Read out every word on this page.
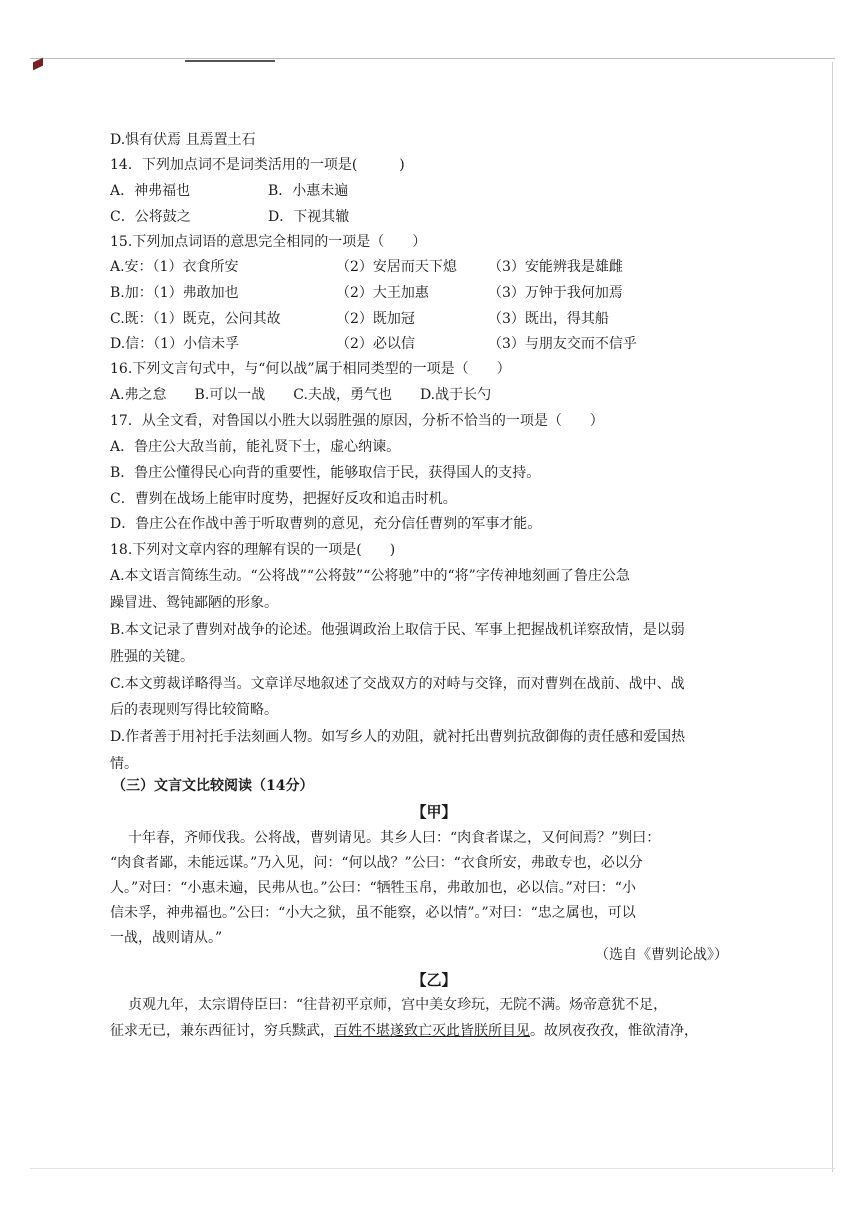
D.惧有伏焉 且焉置土石
14．下列加点词不是词类活用的一项是(　　　)
A．神弗福也	B．小惠未遍
C．公将鼓之	D．下视其辙
15.下列加点词语的意思完全相同的一项是（　　）
A.安：（1）衣食所安	（2）安居而天下熄 （3）安能辨我是雄雌
B.加：（1）弗敢加也	（2）大王加惠	（3）万钟于我何加焉
C.既：（1）既克，公问其故	（2）既加冠	（3）既出，得其船
D.信：（1）小信未孚	（2）必以信	（3）与朋友交而不信乎
16.下列文言句式中，与“何以战”属于相同类型的一项是（　　）
A.弗之怠　　B.可以一战　　C.夫战，勇气也　　D.战于长勺
17．从全文看，对鲁国以小胜大以弱胜强的原因，分析不恰当的一项是（　　）
A．鲁庄公大敌当前，能礼贤下士，虚心纳谏。
B．鲁庄公懂得民心向背的重要性，能够取信于民，获得国人的支持。
C．曹刿在战场上能审时度势，把握好反攻和追击时机。
D．鲁庄公在作战中善于听取曹刿的意见，充分信任曹刿的军事才能。
18.下列对文章内容的理解有误的一项是(　　)
A.本文语言简练生动。“公将战”“公将鼓”“公将驰”中的“将”字传神地刻画了鲁庄公急
躁冒进、鸳钝鄙陋的形象。
B.本文记录了曹刿对战争的论述。他强调政治上取信于民、军事上把握战机详察敌情，是以弱
胜强的关键。
C.本文剪裁详略得当。文章详尽地叙述了交战双方的对峙与交锋，而对曹刿在战前、战中、战
后的表现则写得比较简略。
D.作者善于用衬托手法刻画人物。如写乡人的劝阻，就衬托出曹刿抗敌御侮的责任感和爱国热
情。
（三）文言文比较阅读（14分）
【甲】
十年春，齐师伐我。公将战，曹刿请见。其乡人曰：“肉食者谋之，又何间焉？”刿曰：
“肉食者鄙，未能远谋。”乃入见，问：“何以战？”公曰：“衣食所安，弗敢专也，必以分
人。”对曰：“小惠未遍，民弗从也。”公曰：“牺牲玉帛，弗敢加也，必以信。”对曰：“小
信未孚，神弗福也。”公曰：“小大之狱，虽不能察，必以情”。”对曰：“忠之属也，可以
一战，战则请从。”
（选自《曹刿论战》）
【乙】
贞观九年，太宗谓侍臣曰：“往昔初平京师，宫中美女珍玩，无院不满。炀帝意犹不足，
征求无已，兼东西征讨，穷兵黩武，百姓不堪遂致亡灭此皆朕所目见。故夙夜孜孜，惟欲清净，
